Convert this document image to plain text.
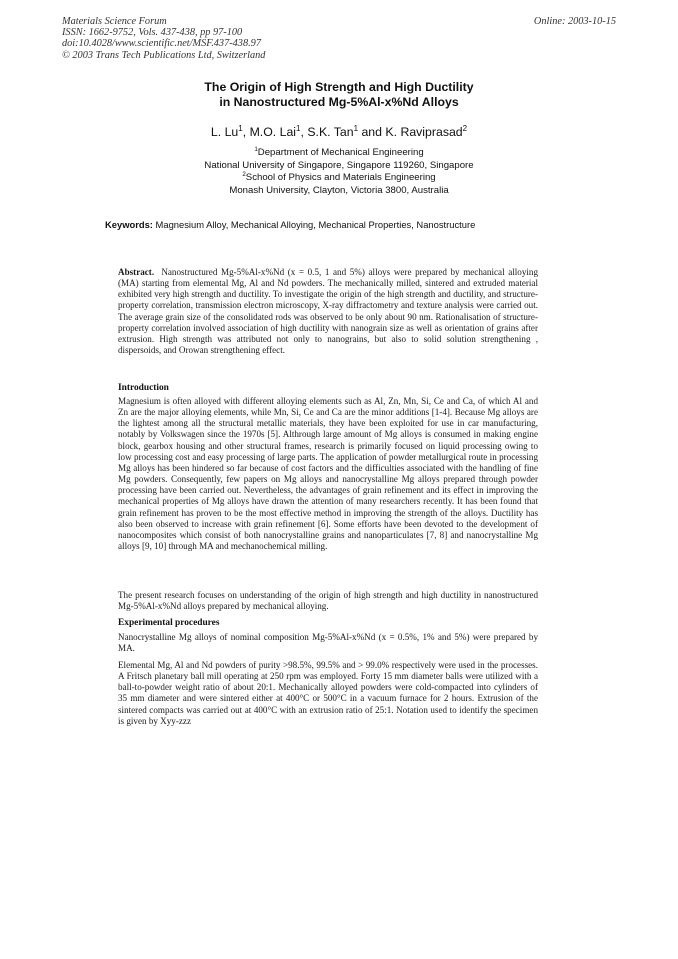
Materials Science Forum
ISSN: 1662-9752, Vols. 437-438, pp 97-100
doi:10.4028/www.scientific.net/MSF.437-438.97
© 2003 Trans Tech Publications Ltd, Switzerland
Online: 2003-10-15
The Origin of High Strength and High Ductility
in Nanostructured Mg-5%Al-x%Nd Alloys
L. Lu$^1$, M.O. Lai$^1$, S.K. Tan$^1$ and K. Raviprasad$^2$
$^1$Department of Mechanical Engineering
National University of Singapore, Singapore 119260, Singapore
$^2$School of Physics and Materials Engineering
Monash University, Clayton, Victoria 3800, Australia
Keywords: Magnesium Alloy, Mechanical Alloying, Mechanical Properties, Nanostructure

Abstract. Nanostructured Mg-5%Al-x%Nd (x = 0.5, 1 and 5%) alloys were prepared by mechanical alloying (MA) starting from elemental Mg, Al and Nd powders. The mechanically milled, sintered and extruded material exhibited very high strength and ductility. To investigate the origin of the high strength and ductility, and structure-property correlation, transmission electron microscopy, X-ray diffractometry and texture analysis were carried out. The average grain size of the consolidated rods was observed to be only about 90 nm. Rationalisation of structure-property correlation involved association of high ductility with nanograin size as well as orientation of grains after extrusion. High strength was attributed not only to nanograins, but also to solid solution strengthening , dispersoids, and Orowan strengthening effect.

Introduction

Magnesium is often alloyed with different alloying elements such as Al, Zn, Mn, Si, Ce and Ca, of which Al and Zn are the major alloying elements, while Mn, Si, Ce and Ca are the minor additions [1-4]. Because Mg alloys are the lightest among all the structural metallic materials, they have been exploited for use in car manufacturing, notably by Volkswagen since the 1970s [5]. Althrough large amount of Mg alloys is consumed in making engine block, gearbox housing and other structural frames, research is primarily focused on liquid processing owing to low processing cost and easy processing of large parts. The application of powder metallurgical route in processing Mg alloys has been hindered so far because of cost factors and the difficulties associated with the handling of fine Mg powders. Consequently, few papers on Mg alloys and nanocrystalline Mg alloys prepared through powder processing have been carried out. Nevertheless, the advantages of grain refinement and its effect in improving the mechanical properties of Mg alloys have drawn the attention of many researchers recently. It has been found that grain refinement has proven to be the most effective method in improving the strength of the alloys. Ductility has also been observed to increase with grain refinement [6]. Some efforts have been devoted to the development of nanocomposites which consist of both nanocrystalline grains and nanoparticulates [7, 8] and nanocrystalline Mg alloys [9, 10] through MA and mechanochemical milling.

The present research focuses on understanding of the origin of high strength and high ductility in nanostructured Mg-5%Al-x%Nd alloys prepared by mechanical alloying.

Experimental procedures

Nanocrystalline Mg alloys of nominal composition Mg-5%Al-x%Nd (x = 0.5%, 1% and 5%) were prepared by MA.

Elemental Mg, Al and Nd powders of purity >98.5%, 99.5% and > 99.0% respectively were used in the processes. A Fritsch planetary ball mill operating at 250 rpm was employed. Forty 15 mm diameter balls were utilized with a ball-to-powder weight ratio of about 20:1. Mechanically alloyed powders were cold-compacted into cylinders of 35 mm diameter and were sintered either at 400°C or 500°C in a vacuum furnace for 2 hours. Extrusion of the sintered compacts was carried out at 400°C with an extrusion ratio of 25:1. Notation used to identify the specimen is given by Xyy-zzz
